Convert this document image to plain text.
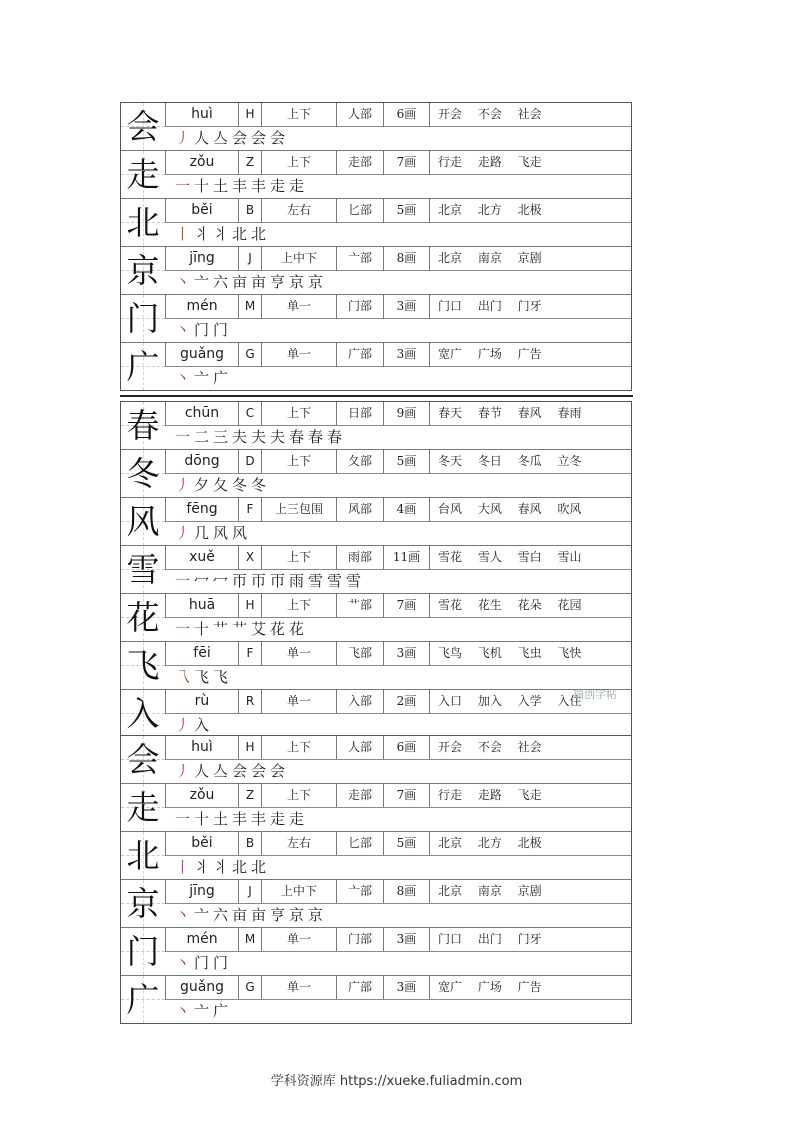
会	huì	H	上下	人部	6画	开会 不会 社会
丿人亼会会会
走	zǒu	Z	上下	走部	7画	行走 走路 飞走
一十土丰丰走走
北	běi	B	左右	匕部	5画	北京 北方 北极
丨丬丬北北
京	jīng	J	上中下	亠部	8画	北京 南京 京剧
丶亠六亩亩亨京京
门	mén	M	单一	门部	3画	门口 出门 门牙
丶门门
广	guǎng	G	单一	广部	3画	宽广 广场 广告
丶亠广
春	chūn	C	上下	日部	9画	春天 春节 春风 春雨
一二三夫夫夫春春春
冬	dōng	D	上下	夂部	5画	冬天 冬日 冬瓜 立冬
丿夕夂冬冬
风	fēng	F	上三包围	风部	4画	台风 大风 春风 吹风
丿几风风
雪	xuě	X	上下	雨部	11画	雪花 雪人 雪白 雪山
一冖冖帀帀帀雨雪雪雪
花	huā	H	上下	艹部	7画	雪花 花生 花朵 花园
一十艹艹艾花花
飞	fēi	F	单一	飞部	3画	飞鸟 飞机 飞虫 飞快
乁飞飞
入	rù	R	单一	入部	2画	入口 加入 入学 入住
丿入
瑞创字帖
会	huì	H	上下	人部	6画	开会 不会 社会
丿人亼会会会
走	zǒu	Z	上下	走部	7画	行走 走路 飞走
一十土丰丰走走
北	běi	B	左右	匕部	5画	北京 北方 北极
丨丬丬北北
京	jīng	J	上中下	亠部	8画	北京 南京 京剧
丶亠六亩亩亨京京
门	mén	M	单一	门部	3画	门口 出门 门牙
丶门门
广	guǎng	G	单一	广部	3画	宽广 广场 广告
丶亠广
学科资源库 https://xueke.fuliadmin.com
